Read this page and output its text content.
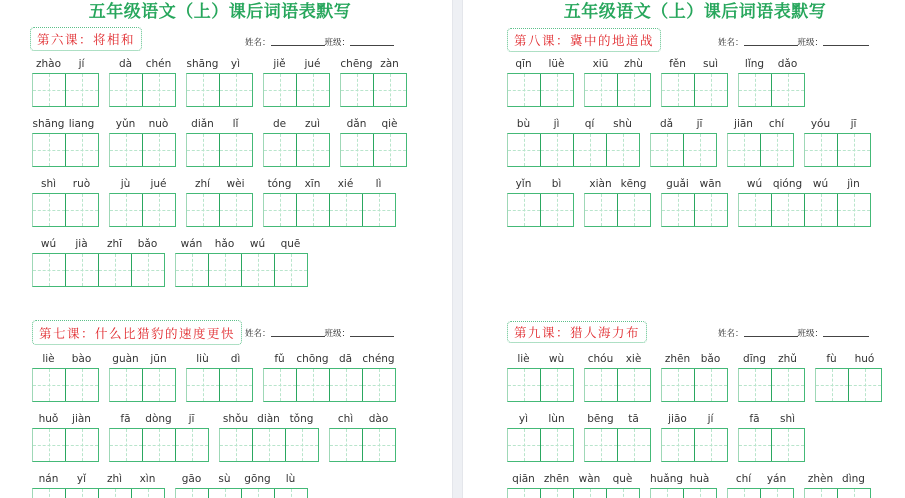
五年级语文（上）课后词语表默写
第六课：将相和	姓名：	班级：
zhào	jí	dà	chén	shāng	yì	jiě	jué	chēng zàn
shāng liang	yǔn	nuò	diǎn	lǐ	de	zuì	dǎn	qiè
shì	ruò	jù	jué	zhí	wèi	tóng	xīn	xié	lì
wú	jià	zhī	bǎo	wán	hǎo	wú	quē
第七课：什么比猎豹的速度更快	姓名：	班级：
liè	bào	guàn	jūn	liù	dì	fǔ	chōng dā chéng
huǒ	jiàn	fā	dòng	jī	shǒu diàn tǒng	chì	dào
nán	yǐ	zhì	xìn	gāo	sù	gōng	lù
五年级语文（上）课后词语表默写
第八课：冀中的地道战	姓名：	班级：
qīn	lüè	xiū	zhù	fěn	suì	lǐng	dǎo
bù	jì	qí	shù	dǎ	jī	jiān	chí	yóu	jī
yǐn	bì	xiàn kēng	guǎi	wān	wú	qióng	wú	jìn
第九课：猎人海力布	姓名：	班级：
liè	wù	chóu	xiè	zhēn	bǎo	dīng	zhǔ	fù	huó
yì	lùn	bēng	tā	jiāo	jí	fā	shì
qiān zhēn wàn	què	huǎng huà	chí	yán	zhèn dìng
